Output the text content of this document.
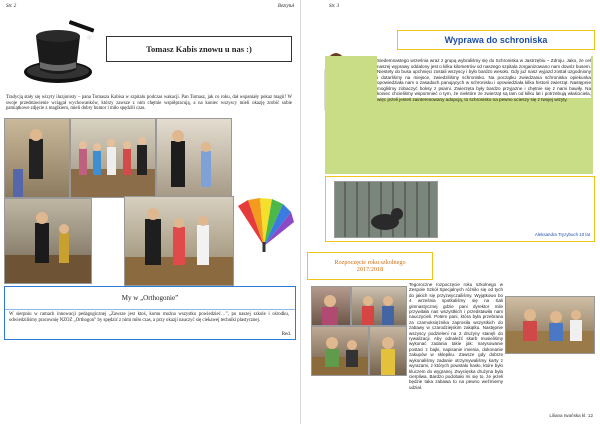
Str. 2	Beztytuł
Tomasz Kabis znowu u nas :)
Tradycją stały się wizyty iluzjonisty – pana Tomasza Kabisa w szpitalu podczas wakacji. Pan Tomasz, jak co roku, dał wspaniały pokaz magii! W swoje przedstawienie wciągał wychowanków, którzy zawsze z nim chętnie współpracują, a na koniec wszyscy mieli okazję zrobić sobie pamiątkowe zdjęcie z magikiem, mieli dobry humor i miło spędzili czas.
My w „Orthogonie”
W sierpniu w ramach innowacji pedagogicznej „Zawsze jest ktoś, komu można wszystko powiedzieć…”, po naszej szkole i ośrodku, odwiedziliśmy pracownię NZOZ „Orthogon” by spędzić z nimi miło czas, a przy okazji nauczyć się ciekawej techniki plastycznej.
Red.
Str. 3
Wyprawa do schroniska
Siedemnastego września wraz z grupą wybraliśmy się do Schroniska w Jastrzębiu – Zdroju. Jako, że cel naszej wyprawy oddalony jest o kilka kilometrów od naszego szpitala zorganizowano nam dowóz busem. Niestety do busa upchnięci zostali wszyscy i było bardzo wesoło. Gdy już nasz wyjazd został uzgodniony i dotarliśmy na miejsce, zwiedziliśmy schronisko. Na początku zwiedzania schroniska opiekunka opowiedziała nam o zasadach panujących w schronisku i opowiedziała kilka historii zwierząt. Następnie mogliśmy zobaczyć boksy z psami. Zwierzęta były bardzo przyjazne i chętnie się z nami bawiły. Na koniec chcieliśmy wspomnieć o tym, że niektóre ze zwierząt są tam od kilku lat i potrzebują właściciela, więc jeżeli jesteś zainteresowany adopcją, to schronisko na pewno ucieszy się z twojej wizyty.
Aleksandra Tryzybuch 10 lat
Rozpoczęcie roku szkolnego
2017/2018
Tegoroczne rozpoczęcie roku szkolnego w Zespole Szkół Specjalnych różniło się od tych do jakich się przyzwyczailiśmy. Wyjątkowo bo 4 września spotkaliśmy się na Sali gimnastycznej gdzie pani dyrektor mile przywitała nas wszystkich i przedstawiła nam nauczycieli. Potem pani, która była przebrana za czarnoksiężnika zaprosiła wszystkich do zabawy w czarodziejskim zakątku. Następnie wszyscy podzieleni na 2 drużyny stanęli do rywalizacji. Aby odnaleźć skarb musieliśmy wykonać zadania takie jak: narysowanie postaci z bajki, napisanie imienia, dokonanie zakupów w sklepiku. Zawsze gdy dobrze wykonaliśmy zadanie otrzymywaliśmy karty z wyrazami, z których powstało hasło, które było kluczem do wygranej. Zwycięska drużyna była cierpliwa. Bardzo podobało mi się to, że jeżeli będzie taka zabawa to na pewno weźmiemy udział.
Liliana Iwańska kl. 12
